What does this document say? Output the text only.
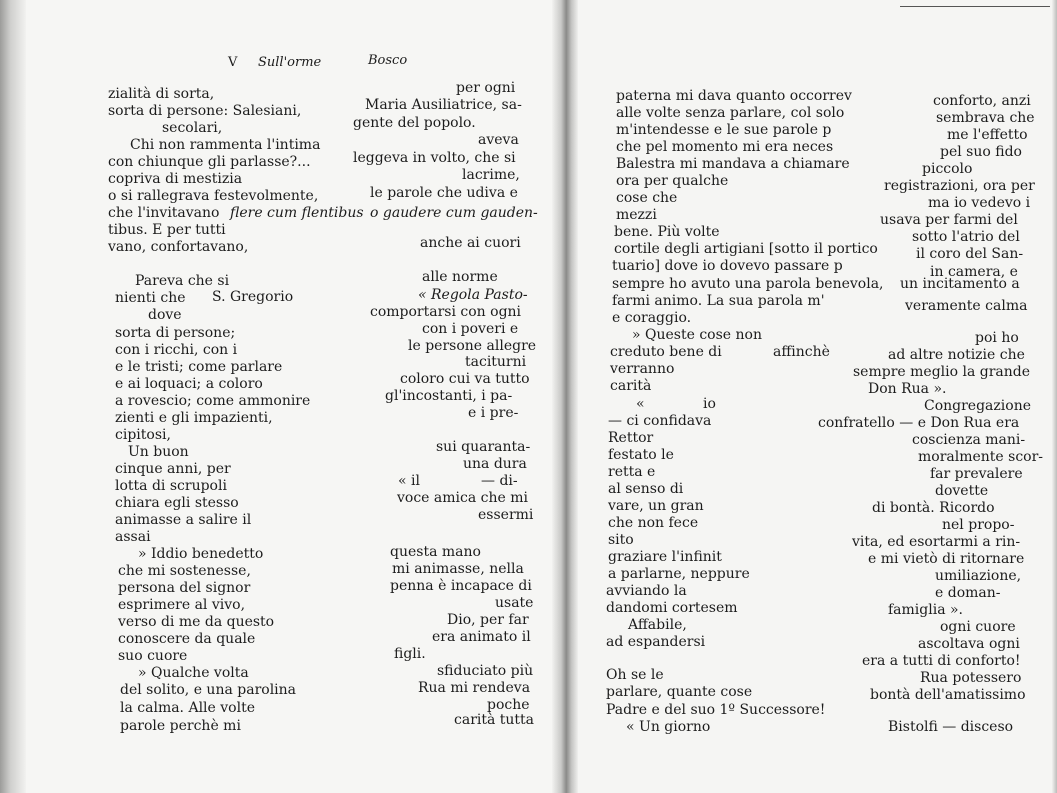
V Sull'orme	Bosco
zialità di sorta,
sorta di persone: Salesiani,
secolari,
Chi non rammenta l'intima
con chiunque gli parlasse?...
copriva di mestizia
o si rallegrava festevolmente,
che l'invitavano
tibus. E per tutti
vano, confortavano,
Pareva che si
nienti che
dove
sorta di persone;
con i ricchi, con i
e le tristi; come parlare
e ai loquaci; a coloro
a rovescio; come ammonire
zienti e gli impazienti,
cipitosi,
Un buon
cinque anni, per
lotta di scrupoli
chiara egli stesso
animasse a salire il
assai
» Iddio benedetto
che mi sostenesse,
persona del signor
esprimere al vivo,
verso di me da questo
conoscere da quale
suo cuore
» Qualche volta
del solito, e una parolina
la calma. Alle volte
parole perchè mi
per ogni
Maria Ausiliatrice, sa-
gente del popolo.
aveva
leggeva in volto, che si
lacrime,
le parole che udiva e
flere cum flentibus o gaudere cum gauden-
anche ai cuori
S. Gregorio
alle norme
« Regola Pasto-
comportarsi con ogni
con i poveri e
le persone allegre
taciturni
coloro cui va tutto
gl'incostanti, i pa-
e i pre-
sui quaranta-
una dura
« il	— di-
voce amica che mi
essermi
questa mano
mi animasse, nella
penna è incapace di
usate
Dio, per far
era animato il
figli.
sfiduciato più
Rua mi rendeva
poche
carità tutta
paterna mi dava quanto occorrev
alle volte senza parlare, col solo
m'intendesse e le sue parole p
che pel momento mi era neces
Balestra mi mandava a chiamare
ora per qualche
cose che
mezzi
bene. Più volte
cortile degli artigiani [sotto il portico
tuario] dove io dovevo passare p
sempre ho avuto una parola benevola,
farmi animo. La sua parola m'
e coraggio.
» Queste cose non
creduto bene di
verranno
carità
«	io
— ci confidava
Rettor
festato le
retta e
al senso di
vare, un gran
che non fece
sito
graziare l'infinit
a parlarne, neppure
avviando la
dandomi cortesem
Affabile,
ad espandersi
Oh se le
parlare, quante cose
Padre e del suo 1º Successore!
« Un giorno
conforto, anzi
sembrava che
me l'effetto
pel suo fido
piccolo
registrazioni, ora per
ma io vedevo i
usava per farmi del
sotto l'atrio del
il coro del San-
in camera, e
un incitamento a
veramente calma
poi ho
affinchè	ad altre notizie che
sempre meglio la grande
Don Rua ».
Congregazione
confratello — e Don Rua era
coscienza mani-
moralmente scor-
far prevalere
dovette
di bontà. Ricordo
nel propo-
vita, ed esortarmi a rin-
e mi vietò di ritornare
umiliazione,
e doman-
famiglia ».
ogni cuore
ascoltava ogni
era a tutti di conforto!
Rua potessero
bontà dell'amatissimo
Bistolfi — disceso
